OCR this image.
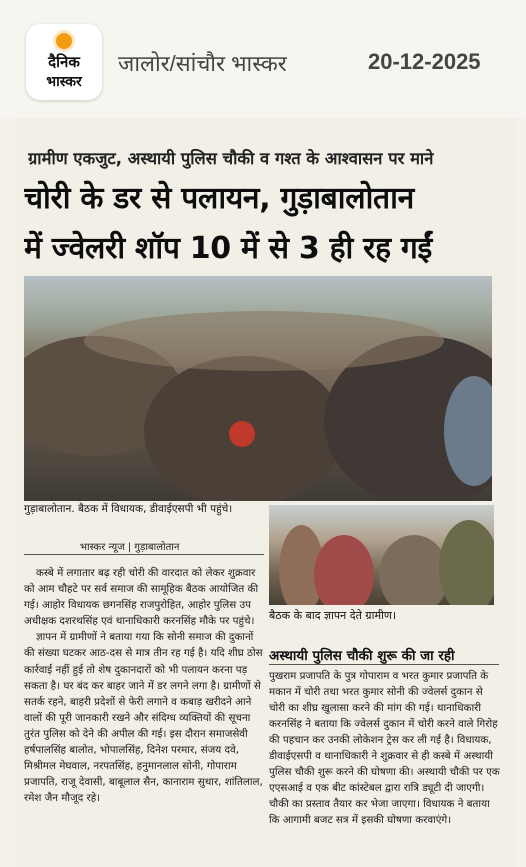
दैनिक
भास्कर
जालोर/सांचौर भास्कर	20-12-2025
ग्रामीण एकजुट, अस्थायी पुलिस चौकी व गश्त के आश्वासन पर माने
चोरी के डर से पलायन, गुड़ाबालोतान
में ज्वेलरी शॉप 10 में से 3 ही रह गईं
गुड़ाबालोतान. बैठक में विधायक, डीवाईएसपी भी पहुंचे।
बैठक के बाद ज्ञापन देते ग्रामीण।
भास्कर न्यूज | गुड़ाबालोतान

कस्बे में लगातार बढ़ रही चोरी की वारदात को लेकर शुक्रवार को आम चौहटे पर सर्व समाज की सामूहिक बैठक आयोजित की गई। आहोर विधायक छगनसिंह राजपुरोहित, आहोर पुलिस उप अधीक्षक दशरथसिंह एवं थानाधिकारी करनसिंह मौके पर पहुंचे।

ज्ञापन में ग्रामीणों ने बताया गया कि सोनी समाज की दुकानों की संख्या घटकर आठ-दस से मात्र तीन रह गई है। यदि शीघ्र ठोस कार्रवाई नहीं हुई तो शेष दुकानदारों को भी पलायन करना पड़ सकता है। घर बंद कर बाहर जाने में डर लगने लगा है। ग्रामीणों से सतर्क रहने, बाहरी प्रदेशों से फेरी लगाने व कबाड़ खरीदने आने वालों की पूरी जानकारी रखने और संदिग्ध व्यक्तियों की सूचना तुरंत पुलिस को देने की अपील की गई। इस दौरान समाजसेवी हर्षपालसिंह बालोत, भोपालसिंह, दिनेश परमार, संजय दवे, मिश्रीमल मेघवाल, नरपतसिंह, हनुमानलाल सोनी, गोपाराम प्रजापति, राजू देवासी, बाबूलाल सैन, कानाराम सुथार, शांतिलाल, रमेश जैन मौजूद रहे।

अस्थायी पुलिस चौकी शुरू की जा रही
पुखराम प्रजापति के पुत्र गोपाराम व भरत कुमार प्रजापति के मकान में चोरी तथा भरत कुमार सोनी की ज्वेलर्स दुकान से चोरी का शीघ्र खुलासा करने की मांग की गई। थानाधिकारी करनसिंह ने बताया कि ज्वेलर्स दुकान में चोरी करने वाले गिरोह की पहचान कर उनकी लोकेशन ट्रेस कर ली गई है। विधायक, डीवाईएसपी व थानाधिकारी ने शुक्रवार से ही कस्बे में अस्थायी पुलिस चौकी शुरू करने की घोषणा की। अस्थायी चौकी पर एक एएसआई व एक बीट कांस्टेबल द्वारा रात्रि ड्यूटी दी जाएगी। चौकी का प्रस्ताव तैयार कर भेजा जाएगा। विधायक ने बताया कि आगामी बजट सत्र में इसकी घोषणा करवाएंगे।
